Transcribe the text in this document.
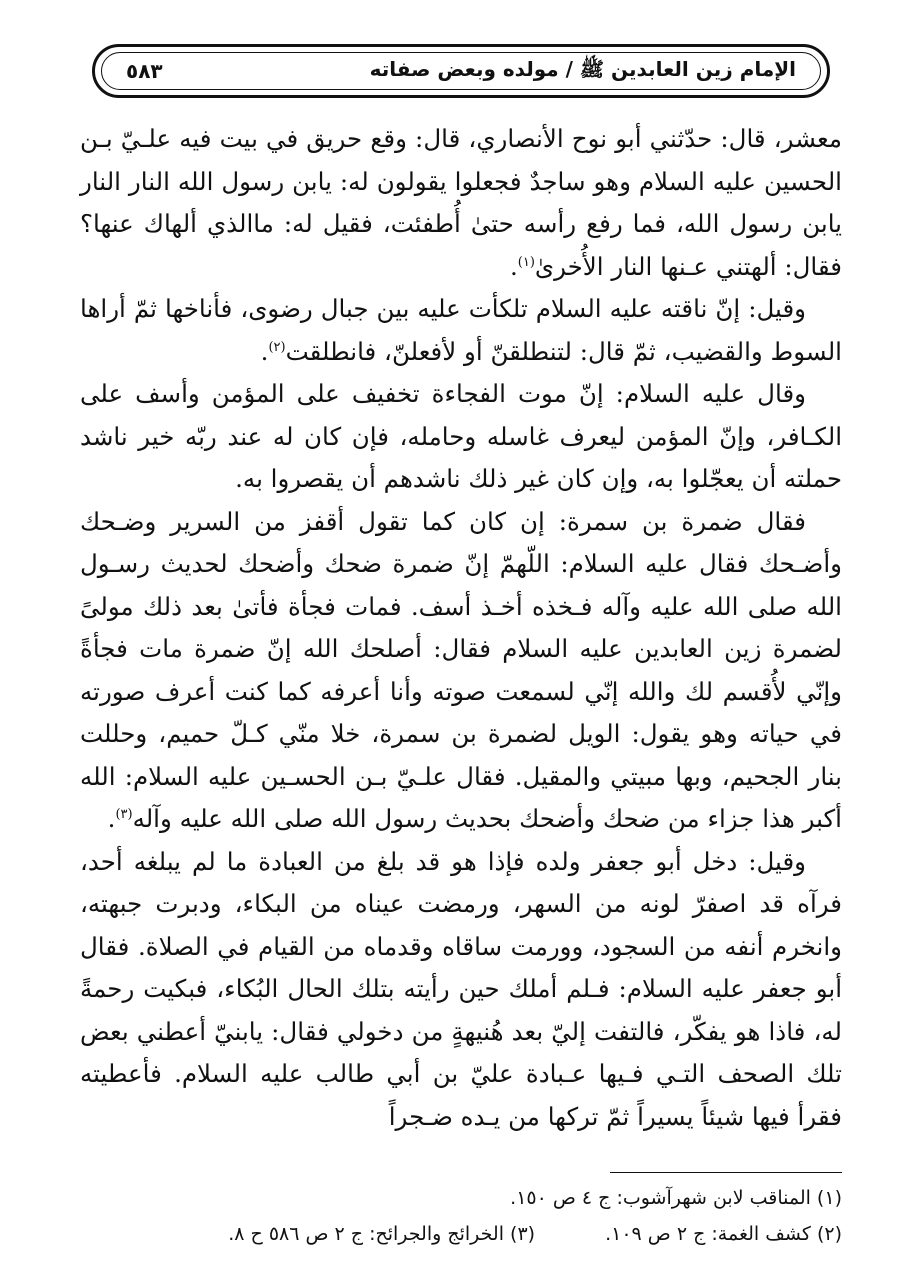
الإمام زين العابدين ﷺ / مولده وبعض صفاته
٥٨٣

معشر، قال: حدّثني أبو نوح الأنصاري، قال: وقع حريق في بيت فيه علـيّ بـن الحسين عليه السلام وهو ساجدٌ فجعلوا يقولون له: يابن رسول الله النار النار يابن رسول الله، فما رفع رأسه حتىٰ أُطفئت، فقيل له: ماالذي ألهاك عنها؟ فقال: ألهتني عـنها النار الأُخرىٰ$^{(١)}$.

وقيل: إنّ ناقته عليه السلام تلكأت عليه بين جبال رضوى، فأناخها ثمّ أراها السوط والقضيب، ثمّ قال: لتنطلقنّ أو لأفعلنّ، فانطلقت$^{(٢)}$.

وقال عليه السلام: إنّ موت الفجاءة تخفيف على المؤمن وأسف على الكـافر، وإنّ المؤمن ليعرف غاسله وحامله، فإن كان له عند ربّه خير ناشد حملته أن يعجّلوا به، وإن كان غير ذلك ناشدهم أن يقصروا به.

فقال ضمرة بن سمرة: إن كان كما تقول أقفز من السرير وضـحك وأضـحك فقال عليه السلام: اللّهمّ إنّ ضمرة ضحك وأضحك لحديث رسـول الله صلى الله عليه وآله فـخذه أخـذ أسف. فمات فجأة فأتىٰ بعد ذلك مولىً لضمرة زين العابدين عليه السلام فقال: أصلحك الله إنّ ضمرة مات فجأةً وإنّي لأُقسم لك والله إنّي لسمعت صوته وأنا أعرفه كما كنت أعرف صورته في حياته وهو يقول: الويل لضمرة بن سمرة، خلا منّي كـلّ حميم، وحللت بنار الجحيم، وبها مبيتي والمقيل. فقال علـيّ بـن الحسـين عليه السلام: الله أكبر هذا جزاء من ضحك وأضحك بحديث رسول الله صلى الله عليه وآله$^{(٣)}$.

وقيل: دخل أبو جعفر ولده فإذا هو قد بلغ من العبادة ما لم يبلغه أحد، فرآه قد اصفرّ لونه من السهر، ورمضت عيناه من البكاء، ودبرت جبهته، وانخرم أنفه من السجود، وورمت ساقاه وقدماه من القيام في الصلاة. فقال أبو جعفر عليه السلام: فـلم أملك حين رأيته بتلك الحال البُكاء، فبكيت رحمةً له، فاذا هو يفكّر، فالتفت إليّ بعد هُنيهةٍ من دخولي فقال: يابنيّ أعطني بعض تلك الصحف التـي فـيها عـبادة عليّ بن أبي طالب عليه السلام. فأعطيته فقرأ فيها شيئاً يسيراً ثمّ تركها من يـده ضـجراً

(١) المناقب لابن شهرآشوب: ج ٤ ص ١٥٠.
(٢) كشف الغمة: ج ٢ ص ١٠٩.
(٣) الخرائج والجرائح: ج ٢ ص ٥٨٦ ح ٨.
